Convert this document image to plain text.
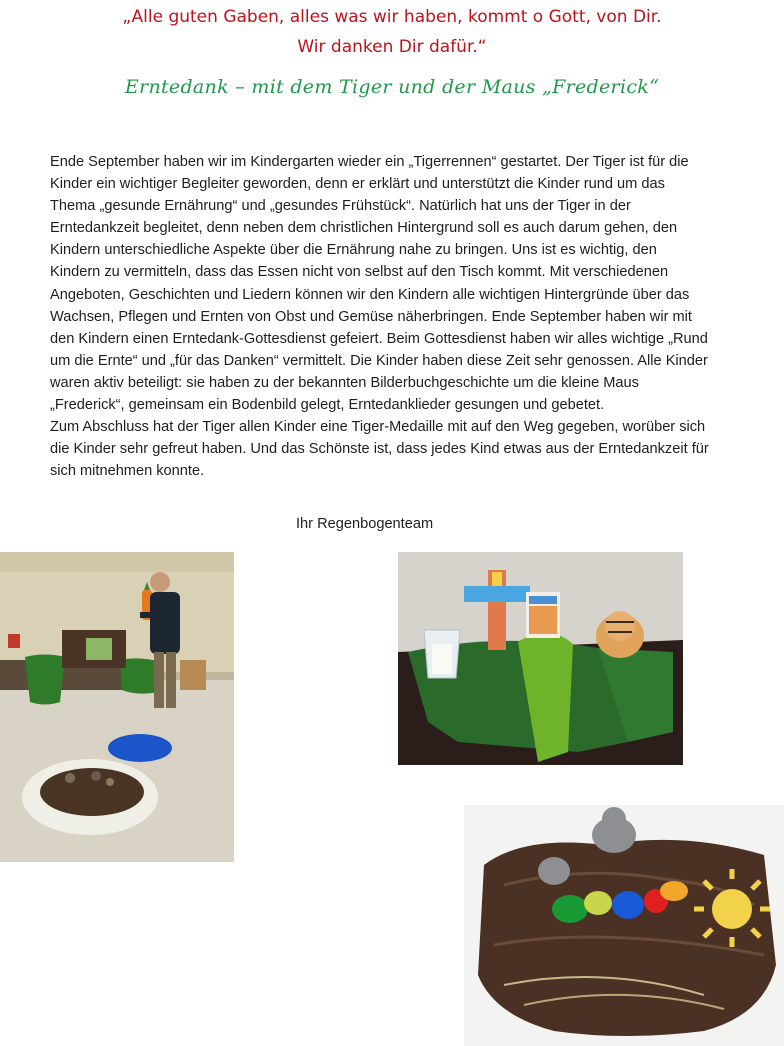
„Alle guten Gaben, alles was wir haben, kommt o Gott, von Dir.
Wir danken Dir dafür.“
Erntedank – mit dem Tiger und der Maus „Frederick“

Ende September haben wir im Kindergarten wieder ein „Tigerrennen“ gestartet. Der Tiger ist für die Kinder ein wichtiger Begleiter geworden, denn er erklärt und unterstützt die Kinder rund um das Thema „gesunde Ernährung“ und „gesundes Frühstück“. Natürlich hat uns der Tiger in der Erntedankzeit begleitet, denn neben dem christlichen Hintergrund soll es auch darum gehen, den Kindern unterschiedliche Aspekte über die Ernährung nahe zu bringen. Uns ist es wichtig, den Kindern zu vermitteln, dass das Essen nicht von selbst auf den Tisch kommt. Mit verschiedenen Angeboten, Geschichten und Liedern können wir den Kindern alle wichtigen Hintergründe über das Wachsen, Pflegen und Ernten von Obst und Gemüse näherbringen. Ende September haben wir mit den Kindern einen Erntedank-Gottesdienst gefeiert. Beim Gottesdienst haben wir alles wichtige „Rund um die Ernte“ und „für das Danken“ vermittelt. Die Kinder haben diese Zeit sehr genossen. Alle Kinder waren aktiv beteiligt: sie haben zu der bekannten Bilderbuchgeschichte um die kleine Maus „Frederick“, gemeinsam ein Bodenbild gelegt, Erntedanklieder gesungen und gebetet.

Zum Abschluss hat der Tiger allen Kinder eine Tiger-Medaille mit auf den Weg gegeben, worüber sich die Kinder sehr gefreut haben. Und das Schönste ist, dass jedes Kind etwas aus der Erntedankzeit für sich mitnehmen konnte.

Ihr Regenbogenteam
